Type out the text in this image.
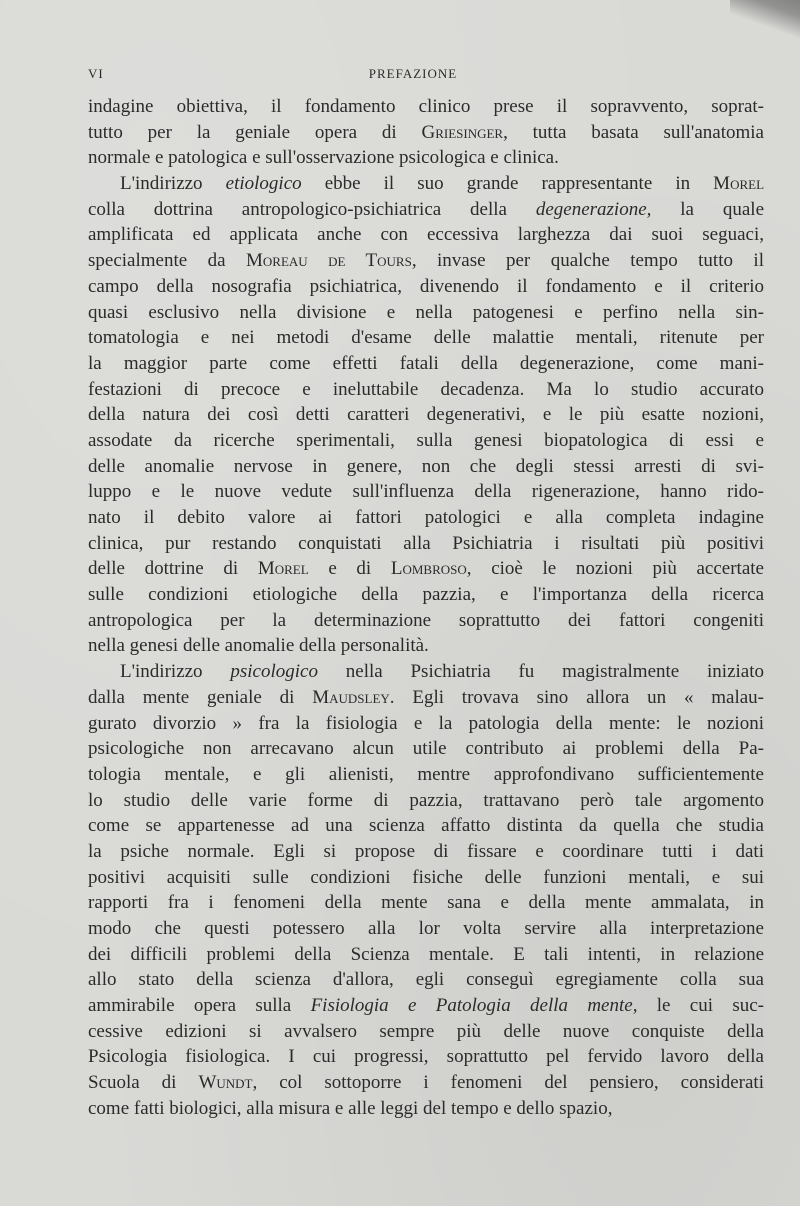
VI	PREFAZIONE
indagine obiettiva, il fondamento clinico prese il sopravvento, soprat-
tutto per la geniale opera di Griesinger, tutta basata sull'anatomia
normale e patologica e sull'osservazione psicologica e clinica.
L'indirizzo etiologico ebbe il suo grande rappresentante in Morel
colla dottrina antropologico-psichiatrica della degenerazione, la quale
amplificata ed applicata anche con eccessiva larghezza dai suoi seguaci,
specialmente da Moreau de Tours, invase per qualche tempo tutto il
campo della nosografia psichiatrica, divenendo il fondamento e il criterio
quasi esclusivo nella divisione e nella patogenesi e perfino nella sin-
tomatologia e nei metodi d'esame delle malattie mentali, ritenute per
la maggior parte come effetti fatali della degenerazione, come mani-
festazioni di precoce e ineluttabile decadenza. Ma lo studio accurato
della natura dei così detti caratteri degenerativi, e le più esatte nozioni,
assodate da ricerche sperimentali, sulla genesi biopatologica di essi e
delle anomalie nervose in genere, non che degli stessi arresti di svi-
luppo e le nuove vedute sull'influenza della rigenerazione, hanno rido-
nato il debito valore ai fattori patologici e alla completa indagine
clinica, pur restando conquistati alla Psichiatria i risultati più positivi
delle dottrine di Morel e di Lombroso, cioè le nozioni più accertate
sulle condizioni etiologiche della pazzia, e l'importanza della ricerca
antropologica per la determinazione soprattutto dei fattori congeniti
nella genesi delle anomalie della personalità.
L'indirizzo psicologico nella Psichiatria fu magistralmente iniziato
dalla mente geniale di Maudsley. Egli trovava sino allora un « malau-
gurato divorzio » fra la fisiologia e la patologia della mente: le nozioni
psicologiche non arrecavano alcun utile contributo ai problemi della Pa-
tologia mentale, e gli alienisti, mentre approfondivano sufficientemente
lo studio delle varie forme di pazzia, trattavano però tale argomento
come se appartenesse ad una scienza affatto distinta da quella che studia
la psiche normale. Egli si propose di fissare e coordinare tutti i dati
positivi acquisiti sulle condizioni fisiche delle funzioni mentali, e sui
rapporti fra i fenomeni della mente sana e della mente ammalata, in
modo che questi potessero alla lor volta servire alla interpretazione
dei difficili problemi della Scienza mentale. E tali intenti, in relazione
allo stato della scienza d'allora, egli conseguì egregiamente colla sua
ammirabile opera sulla Fisiologia e Patologia della mente, le cui suc-
cessive edizioni si avvalsero sempre più delle nuove conquiste della
Psicologia fisiologica. I cui progressi, soprattutto pel fervido lavoro della
Scuola di Wundt, col sottoporre i fenomeni del pensiero, considerati
come fatti biologici, alla misura e alle leggi del tempo e dello spazio,
